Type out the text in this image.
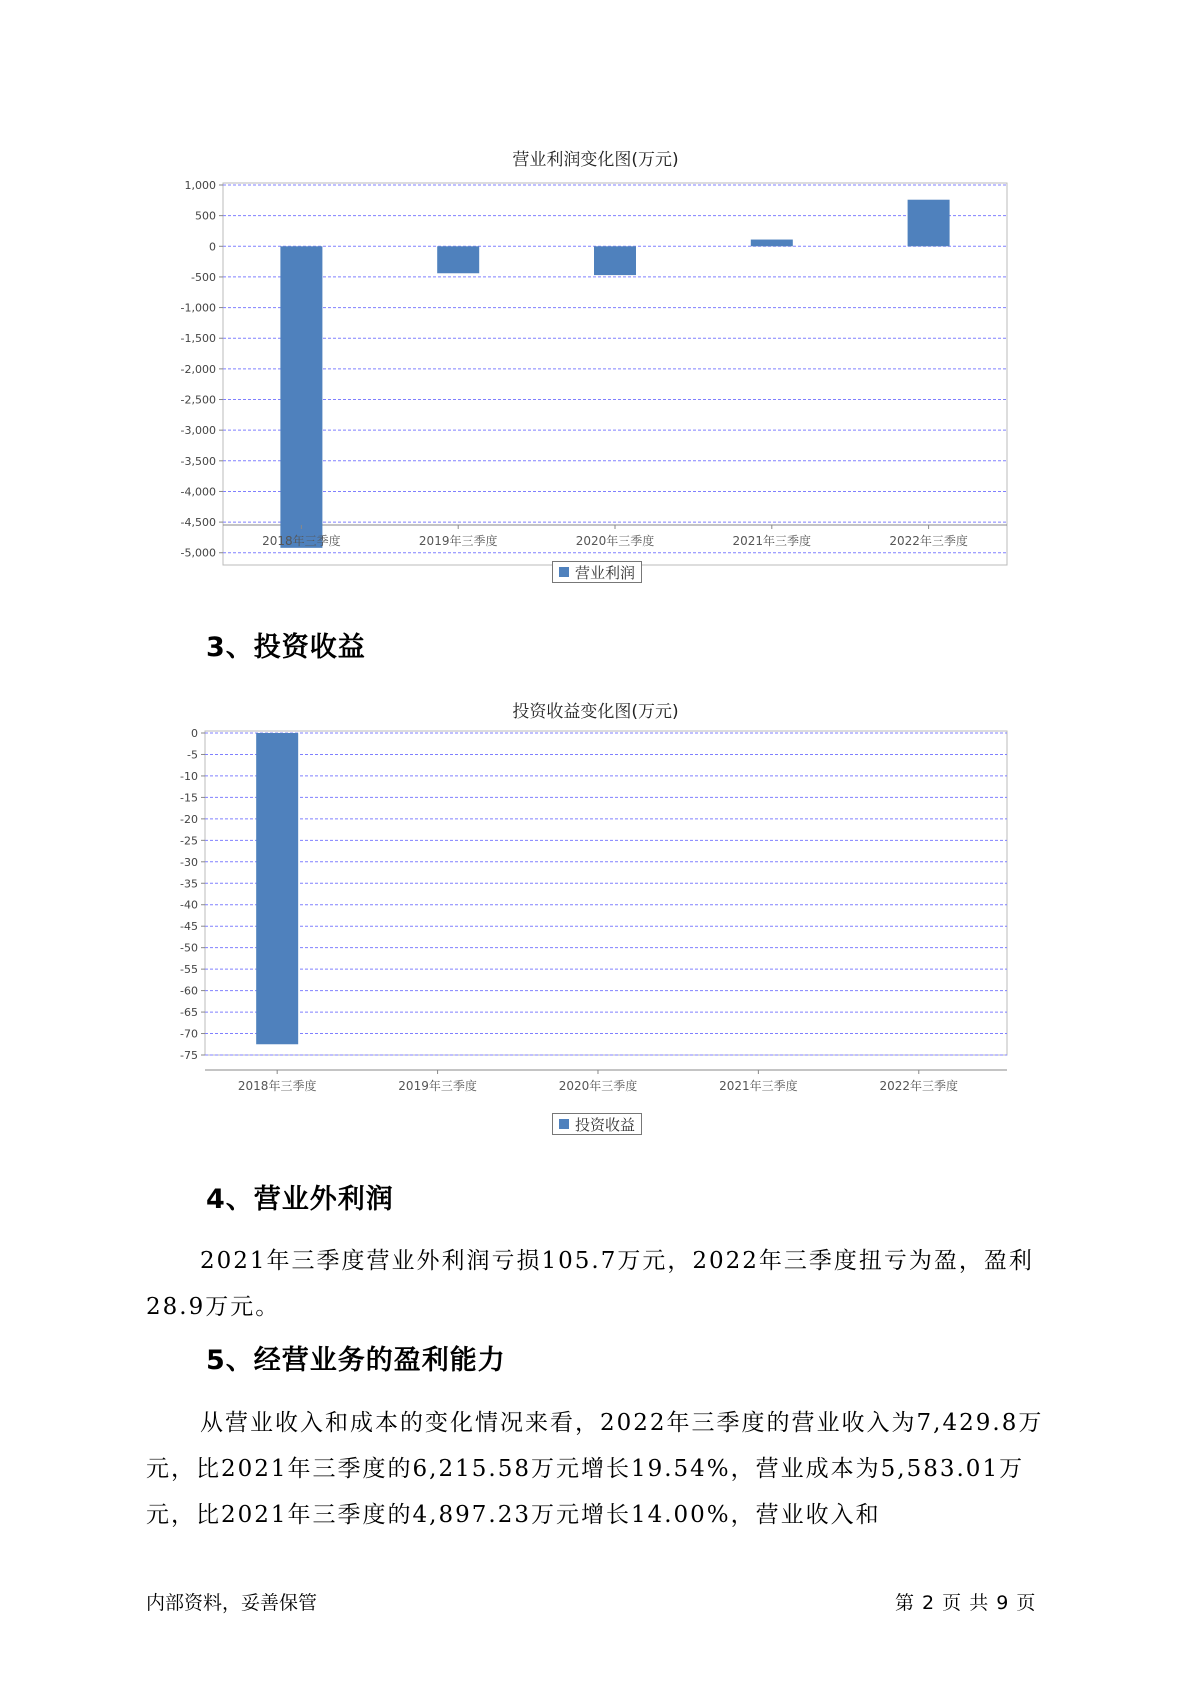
营业利润变化图(万元)
1,000
500
0
-500
-1,000
-1,500
-2,000
-2,500
-3,000
-3,500
-4,000
-4,500
-5,000
2018年三季度	2019年三季度	2020年三季度	2021年三季度	2022年三季度
营业利润
3、投资收益
投资收益变化图(万元)
0
-5
-10
-15
-20
-25
-30
-35
-40
-45
-50
-55
-60
-65
-70
-75
2018年三季度	2019年三季度	2020年三季度	2021年三季度	2022年三季度
投资收益
4、营业外利润

2021年三季度营业外利润亏损105.7万元，2022年三季度扭亏为盈，盈利28.9万元。

5、经营业务的盈利能力

从营业收入和成本的变化情况来看，2022年三季度的营业收入为7,429.8万元，比2021年三季度的6,215.58万元增长19.54%，营业成本为5,583.01万元，比2021年三季度的4,897.23万元增长14.00%，营业收入和

内部资料，妥善保管	第 2 页 共 9 页
